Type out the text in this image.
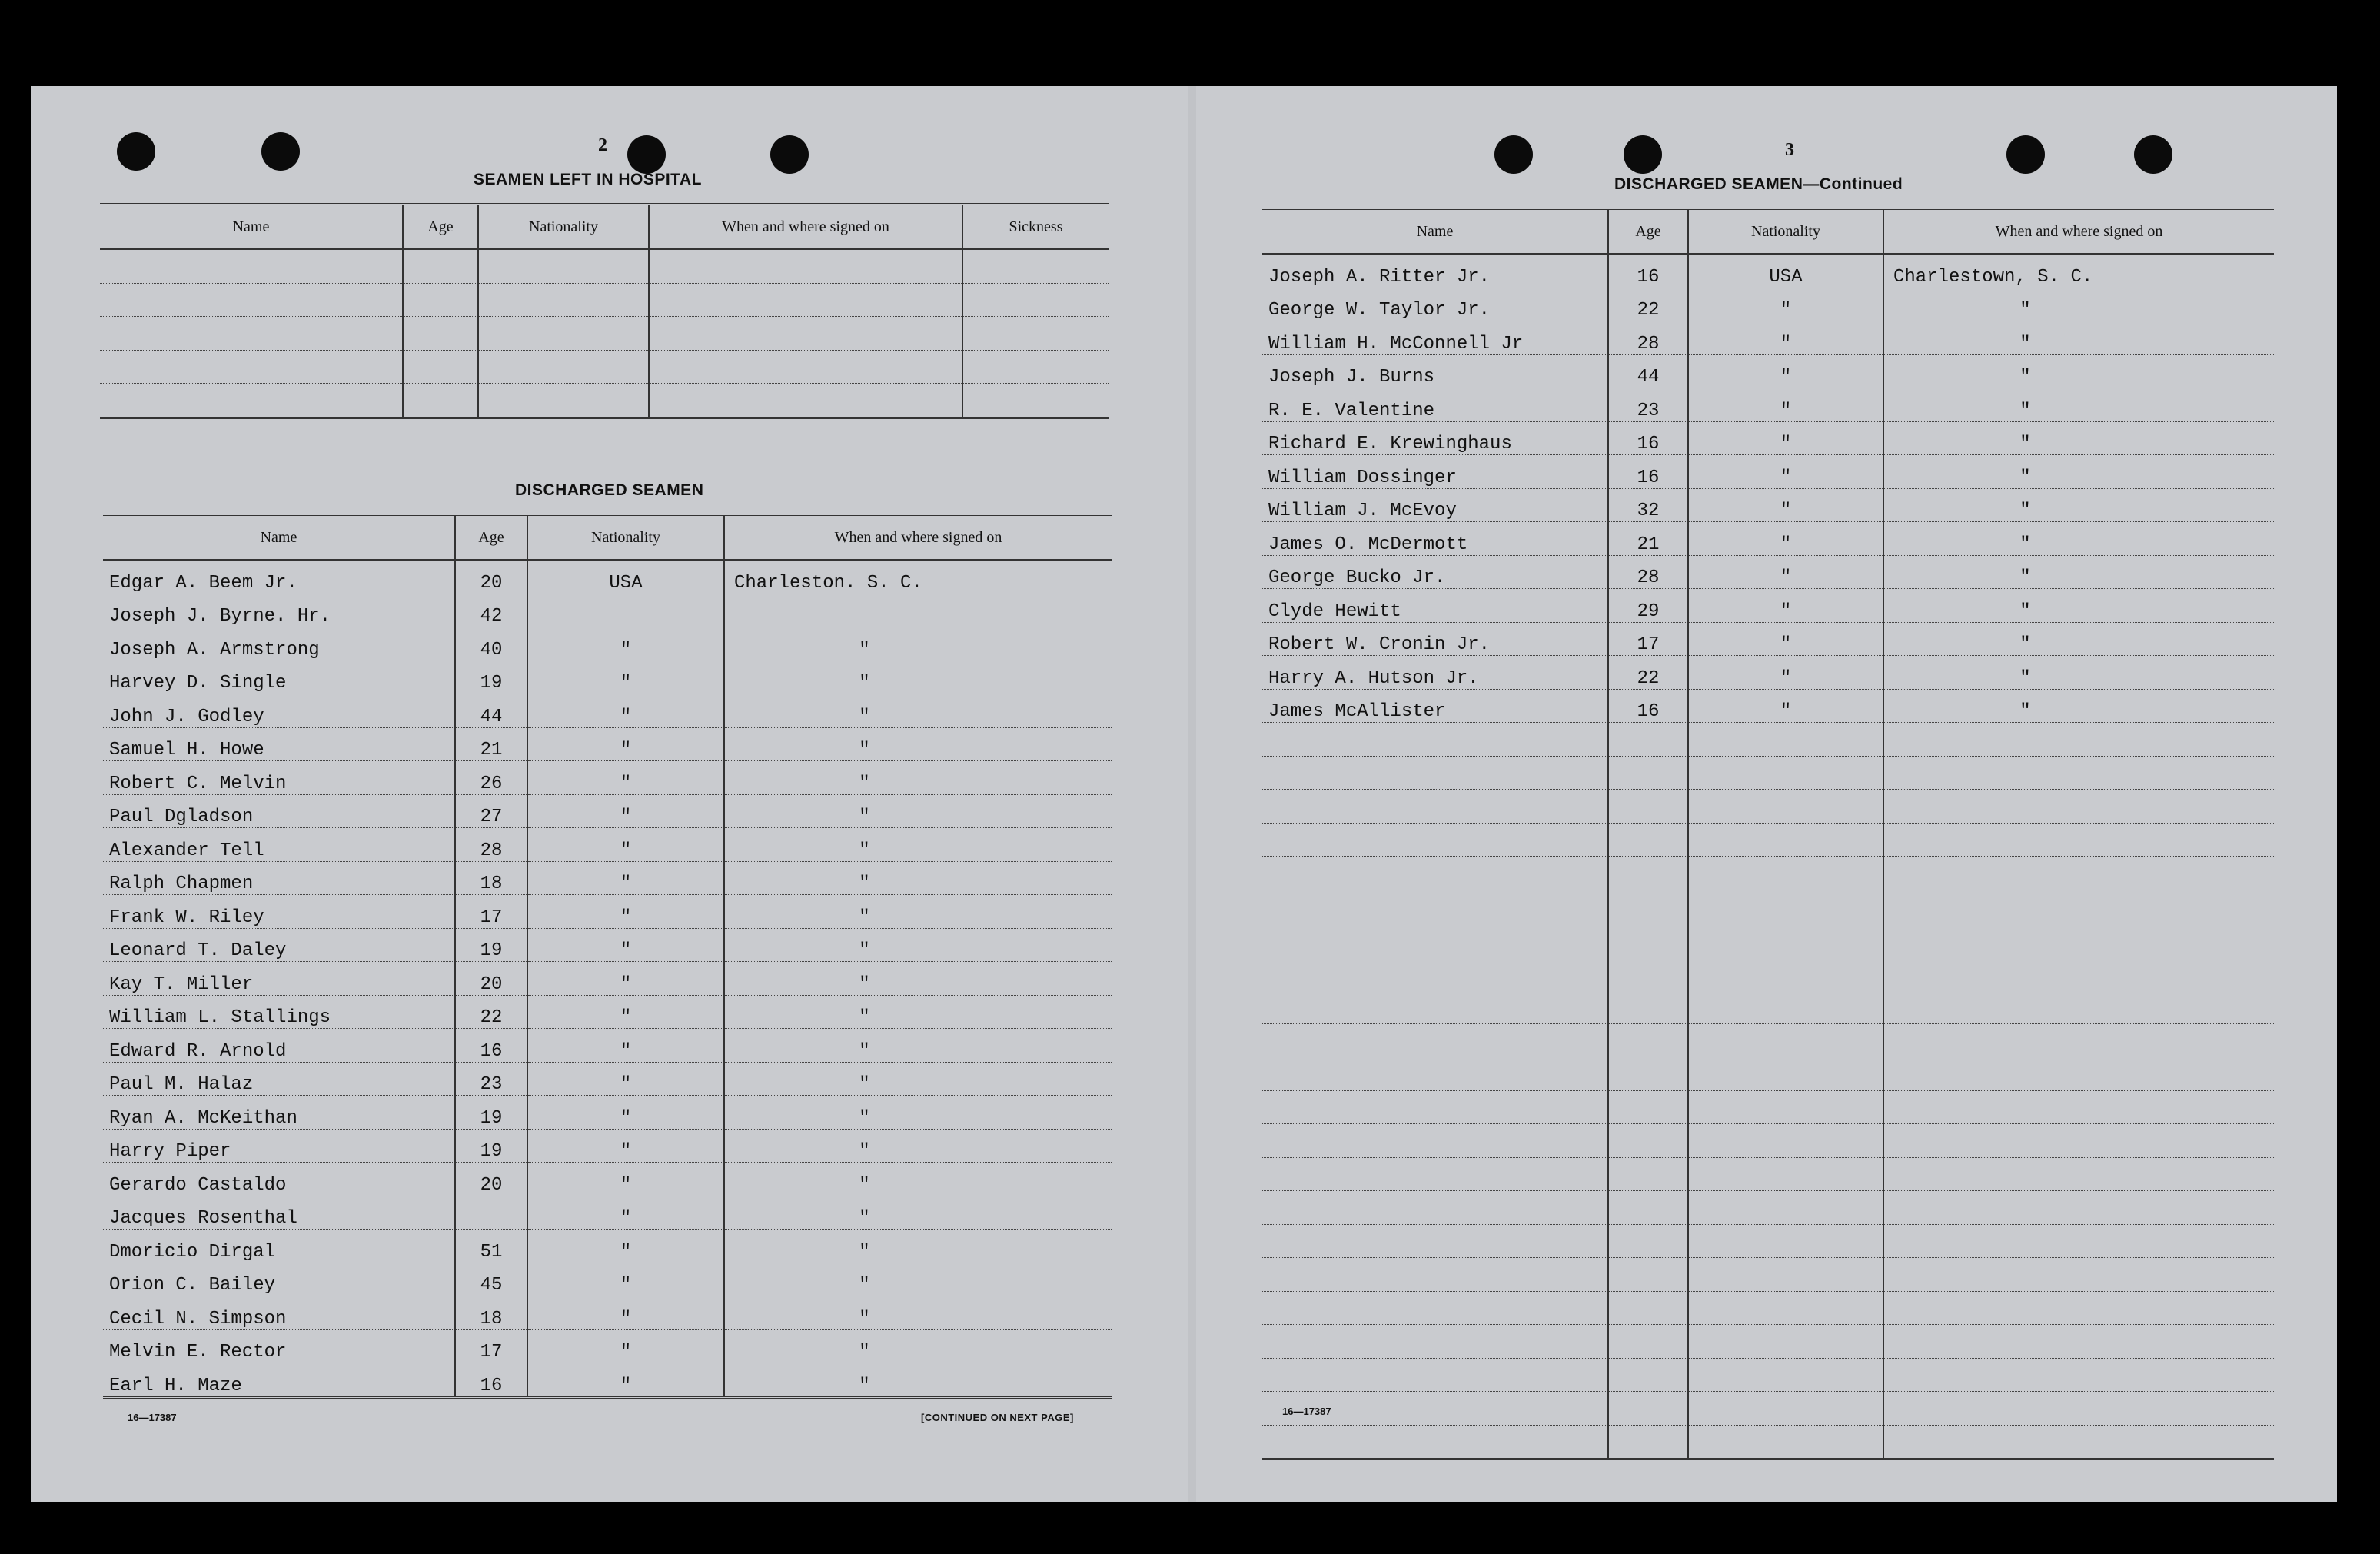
2
SEAMEN LEFT IN HOSPITAL
Name	Age	Nationality	When and where signed on	Sickness

DISCHARGED SEAMEN
Name	Age	Nationality	When and where signed on
Edgar A. Beem Jr.	20	USA	Charleston. S. C.
Joseph J. Byrne. Hr.	42		
Joseph A. Armstrong	40	"	"
Harvey D. Single	19	"	"
John J. Godley	44	"	"
Samuel H. Howe	21	"	"
Robert C. Melvin	26	"	"
Paul Dgladson	27	"	"
Alexander Tell	28	"	"
Ralph Chapmen	18	"	"
Frank W. Riley	17	"	"
Leonard T. Daley	19	"	"
Kay T. Miller	20	"	"
William L. Stallings	22	"	"
Edward R. Arnold	16	"	"
Paul M. Halaz	23	"	"
Ryan A. McKeithan	19	"	"
Harry Piper	19	"	"
Gerardo Castaldo	20	"	"
Jacques Rosenthal		"	"
Dmoricio Dirgal	51	"	"
Orion C. Bailey	45	"	"
Cecil N. Simpson	18	"	"
Melvin E. Rector	17	"	"
Earl H. Maze	16	"	"
16—17387	[CONTINUED ON NEXT PAGE]
3
DISCHARGED SEAMEN—Continued
Name	Age	Nationality	When and where signed on
Joseph A. Ritter Jr.	16	USA	Charlestown, S. C.
George W. Taylor Jr.	22	"	"
William H. McConnell Jr	28	"	"
Joseph J. Burns	44	"	"
R. E. Valentine	23	"	"
Richard E. Krewinghaus	16	"	"
William Dossinger	16	"	"
William J. McEvoy	32	"	"
James O. McDermott	21	"	"
George Bucko Jr.	28	"	"
Clyde Hewitt	29	"	"
Robert W. Cronin Jr.	17	"	"
Harry A. Hutson Jr.	22	"	"
James McAllister	16	"	"

16—17387
